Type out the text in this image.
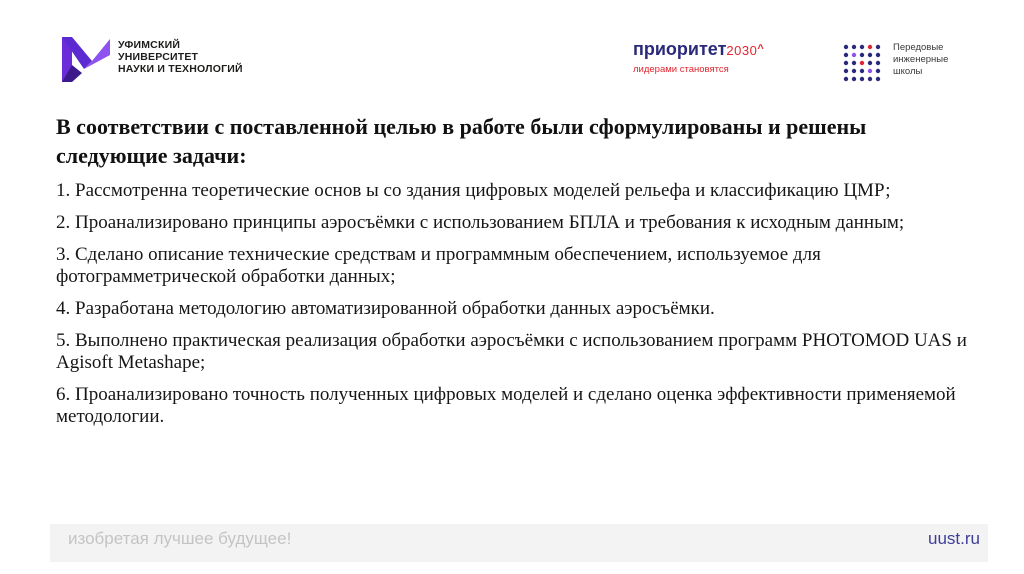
УФИМСКИЙ
УНИВЕРСИТЕТ
НАУКИ И ТЕХНОЛОГИЙ
приоритет2030^
лидерами становятся
Передовые
инженерные
школы
В соответствии с поставленной целью в работе были сформулированы и решены следующие задачи:
1. Рассмотренна теоретические основ ы со здания цифровых моделей рельефа и классификацию ЦМР;
2. Проанализировано принципы аэросъёмки с использованием БПЛА и требования к исходным данным;
3. Сделано описание технические средствам и программным обеспечением, используемое для фотограмметрической обработки данных;
4. Разработана методологию автоматизированной обработки данных аэросъёмки.
5. Выполнено практическая реализация обработки аэросъёмки с использованием программ PHOTOMOD UAS и Agisoft Metashape;
6. Проанализировано точность полученных цифровых моделей и сделано оценка эффективности применяемой методологии.
изобретая лучшее будущее!	uust.ru
